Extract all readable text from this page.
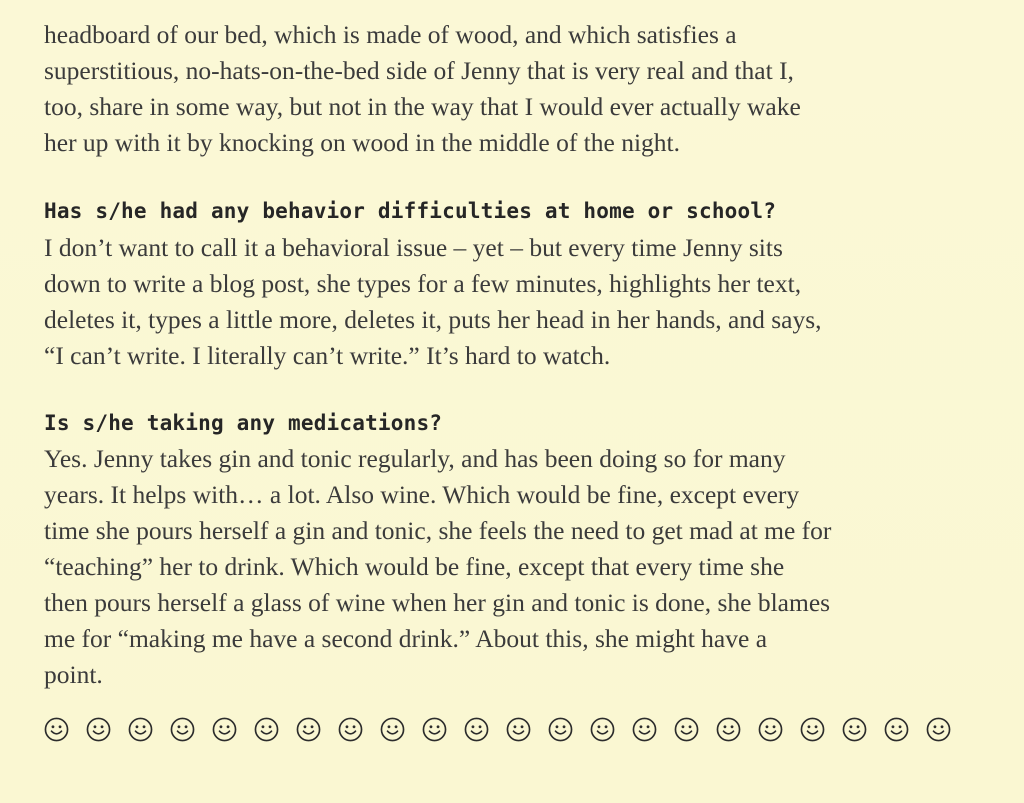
headboard of our bed, which is made of wood, and which satisfies a

superstitious, no-hats-on-the-bed side of Jenny that is very real and that I,

too, share in some way, but not in the way that I would ever actually wake

her up with it by knocking on wood in the middle of the night.

Has s/he had any behavior difficulties at home or school?

I don’t want to call it a behavioral issue – yet – but every time Jenny sits

down to write a blog post, she types for a few minutes, highlights her text,

deletes it, types a little more, deletes it, puts her head in her hands, and says,

“I can’t write. I literally can’t write.” It’s hard to watch.

Is s/he taking any medications?

Yes. Jenny takes gin and tonic regularly, and has been doing so for many

years. It helps with… a lot. Also wine. Which would be fine, except every

time she pours herself a gin and tonic, she feels the need to get mad at me for

“teaching” her to drink. Which would be fine, except that every time she

then pours herself a glass of wine when her gin and tonic is done, she blames

me for “making me have a second drink.” About this, she might have a

point.
